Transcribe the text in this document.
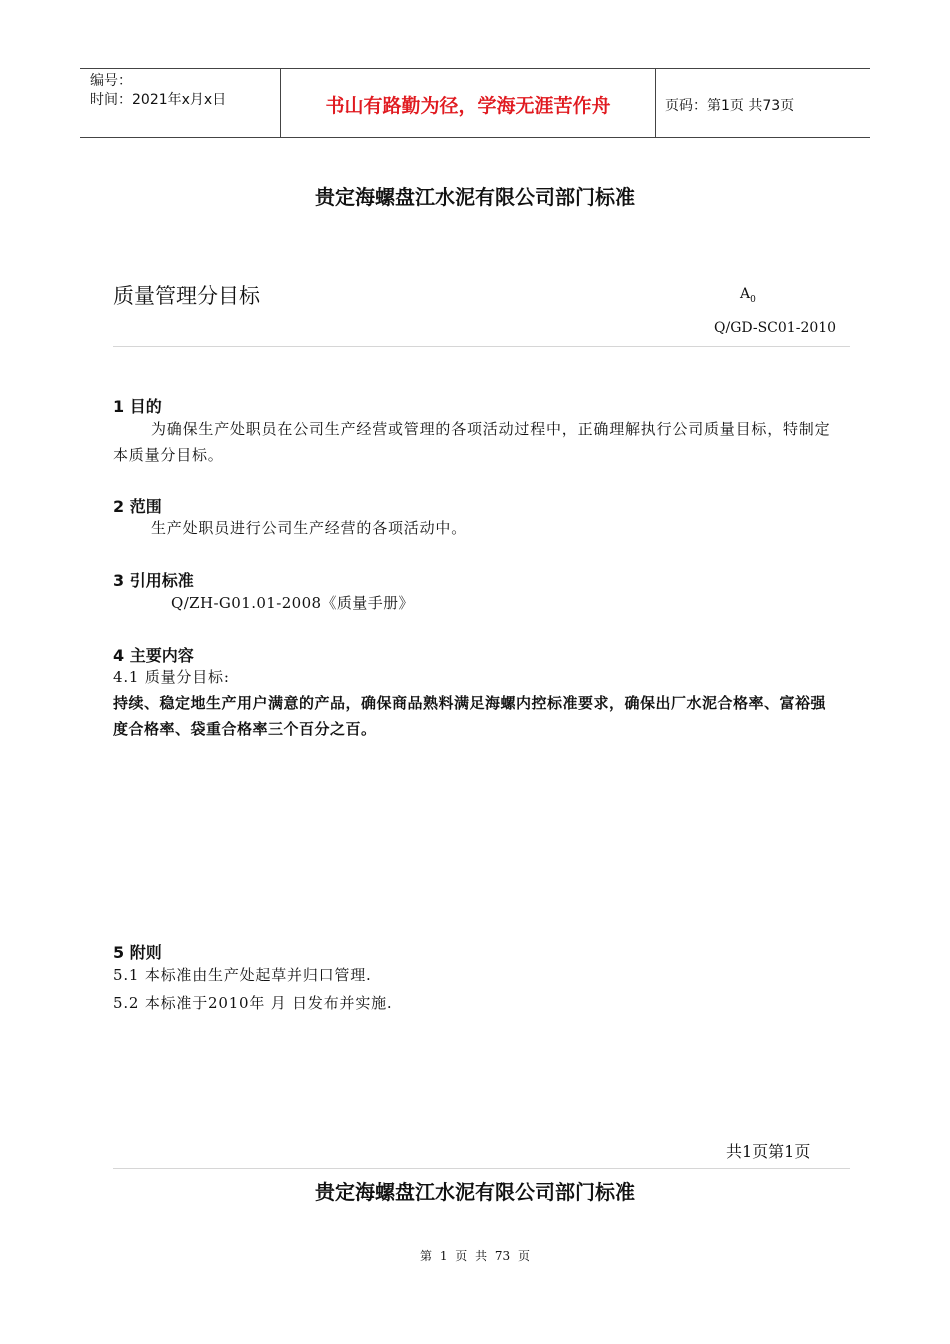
编号：
时间：2021年x月x日	书山有路勤为径，学海无涯苦作舟	页码：第1页 共73页
贵定海螺盘江水泥有限公司部门标准
质量管理分目标	$A_0$
Q/GD-SC01-2010
1 目的
为确保生产处职员在公司生产经营或管理的各项活动过程中，正确理解执行公司质量目标，特制定本质量分目标。
2 范围
生产处职员进行公司生产经营的各项活动中。
3 引用标准
Q/ZH-G01.01-2008《质量手册》
4 主要内容
4.1 质量分目标:
持续、稳定地生产用户满意的产品，确保商品熟料满足海螺内控标准要求，确保出厂水泥合格率、富裕强度合格率、袋重合格率三个百分之百。
5 附则
5.1 本标准由生产处起草并归口管理.
5.2 本标准于2010年 月 日发布并实施.
共1页第1页
贵定海螺盘江水泥有限公司部门标准
第 1 页 共 73 页
